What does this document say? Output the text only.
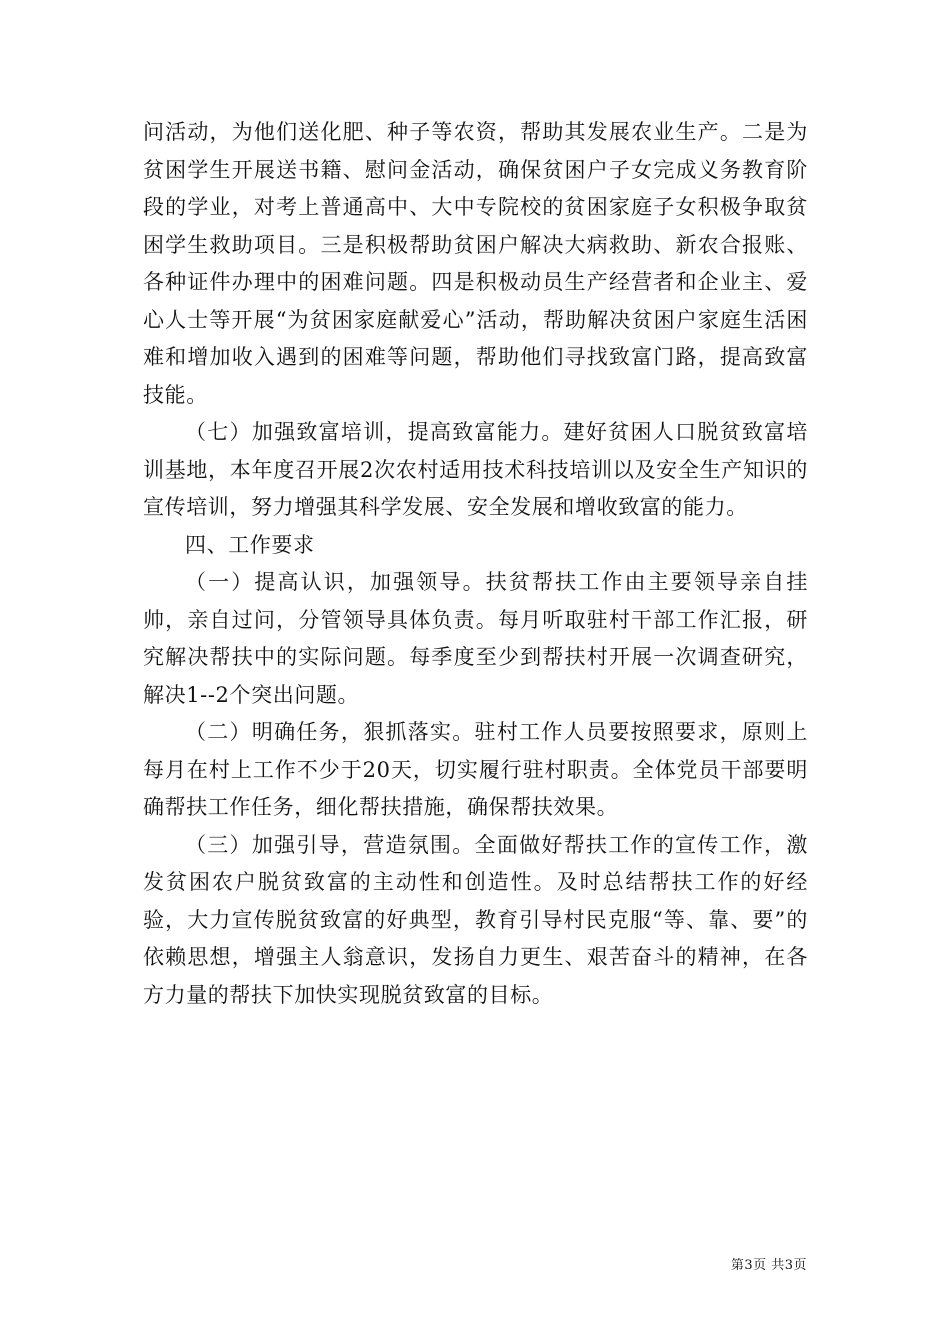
问活动，为他们送化肥、种子等农资，帮助其发展农业生产。二是为贫困学生开展送书籍、慰问金活动，确保贫困户子女完成义务教育阶段的学业，对考上普通高中、大中专院校的贫困家庭子女积极争取贫困学生救助项目。三是积极帮助贫困户解决大病救助、新农合报账、各种证件办理中的困难问题。四是积极动员生产经营者和企业主、爱心人士等开展“为贫困家庭献爱心”活动，帮助解决贫困户家庭生活困难和增加收入遇到的困难等问题，帮助他们寻找致富门路，提高致富技能。

（七）加强致富培训，提高致富能力。建好贫困人口脱贫致富培训基地，本年度召开展2次农村适用技术科技培训以及安全生产知识的宣传培训，努力增强其科学发展、安全发展和增收致富的能力。

四、工作要求

（一）提高认识，加强领导。扶贫帮扶工作由主要领导亲自挂帅，亲自过问，分管领导具体负责。每月听取驻村干部工作汇报，研究解决帮扶中的实际问题。每季度至少到帮扶村开展一次调查研究，解决1--2个突出问题。

（二）明确任务，狠抓落实。驻村工作人员要按照要求，原则上每月在村上工作不少于20天，切实履行驻村职责。全体党员干部要明确帮扶工作任务，细化帮扶措施，确保帮扶效果。

（三）加强引导，营造氛围。全面做好帮扶工作的宣传工作，激发贫困农户脱贫致富的主动性和创造性。及时总结帮扶工作的好经验，大力宣传脱贫致富的好典型，教育引导村民克服“等、靠、要”的依赖思想，增强主人翁意识，发扬自力更生、艰苦奋斗的精神，在各方力量的帮扶下加快实现脱贫致富的目标。

第3页 共3页
